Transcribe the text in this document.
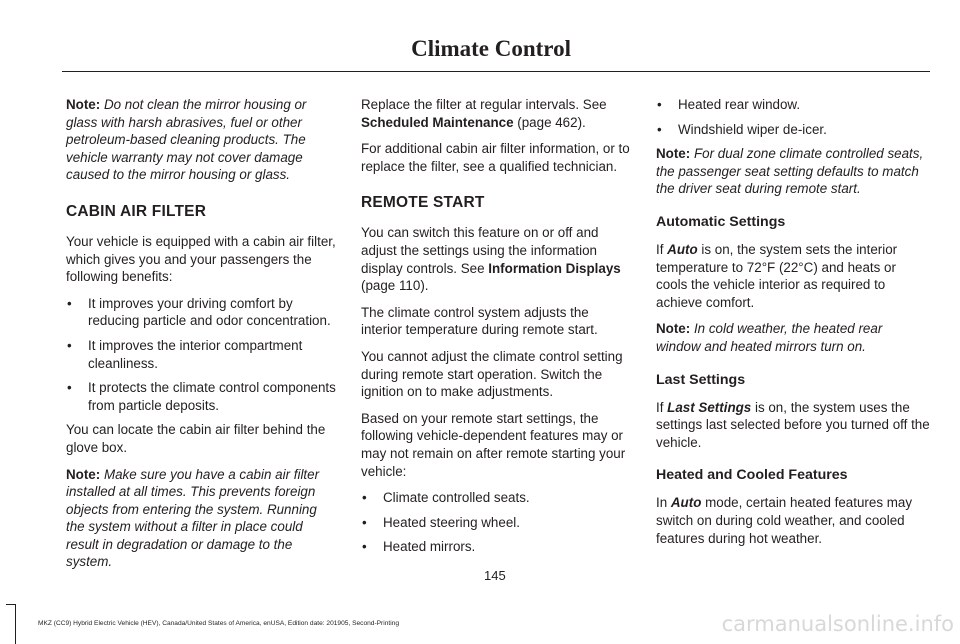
Climate Control

Note: Do not clean the mirror housing or glass with harsh abrasives, fuel or other petroleum-based cleaning products. The vehicle warranty may not cover damage caused to the mirror housing or glass.

CABIN AIR FILTER

Your vehicle is equipped with a cabin air filter, which gives you and your passengers the following benefits:

• It improves your driving comfort by reducing particle and odor concentration.
• It improves the interior compartment cleanliness.
• It protects the climate control components from particle deposits.

You can locate the cabin air filter behind the glove box.

Note: Make sure you have a cabin air filter installed at all times. This prevents foreign objects from entering the system. Running the system without a filter in place could result in degradation or damage to the system.

Replace the filter at regular intervals. See Scheduled Maintenance (page 462).

For additional cabin air filter information, or to replace the filter, see a qualified technician.

REMOTE START

You can switch this feature on or off and adjust the settings using the information display controls. See Information Displays (page 110).

The climate control system adjusts the interior temperature during remote start.

You cannot adjust the climate control setting during remote start operation. Switch the ignition on to make adjustments.

Based on your remote start settings, the following vehicle-dependent features may or may not remain on after remote starting your vehicle:

• Climate controlled seats.
• Heated steering wheel.
• Heated mirrors.
• Heated rear window.
• Windshield wiper de-icer.

Note: For dual zone climate controlled seats, the passenger seat setting defaults to match the driver seat during remote start.

Automatic Settings

If Auto is on, the system sets the interior temperature to 72°F (22°C) and heats or cools the vehicle interior as required to achieve comfort.

Note: In cold weather, the heated rear window and heated mirrors turn on.

Last Settings

If Last Settings is on, the system uses the settings last selected before you turned off the vehicle.

Heated and Cooled Features

In Auto mode, certain heated features may switch on during cold weather, and cooled features during hot weather.

145
MKZ (CC9) Hybrid Electric Vehicle (HEV), Canada/United States of America, enUSA, Edition date: 201905, Second-Printing	carmanualsonline.info
